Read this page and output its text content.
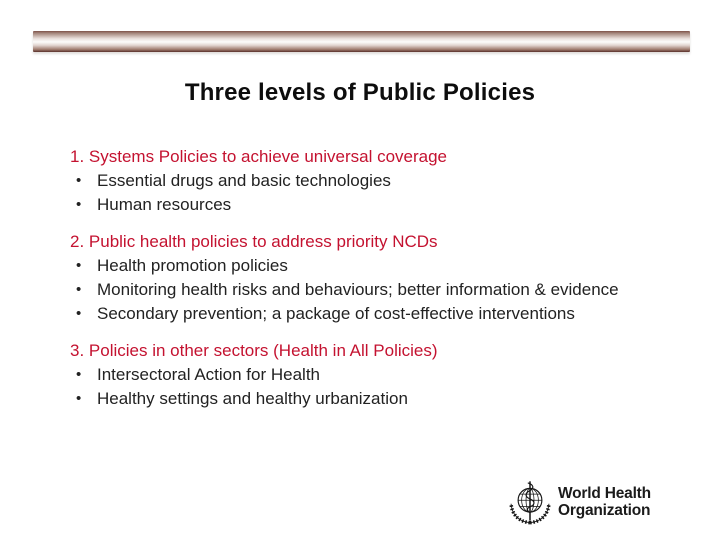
Three levels of Public Policies
1. Systems Policies to achieve universal coverage
• Essential drugs and basic technologies
• Human resources
2. Public health policies to address priority NCDs
• Health promotion policies
• Monitoring health risks and behaviours; better information & evidence
• Secondary prevention; a package of cost-effective interventions
3. Policies in other sectors (Health in All Policies)
• Intersectoral Action for Health
• Healthy settings and healthy urbanization
World Health
Organization
